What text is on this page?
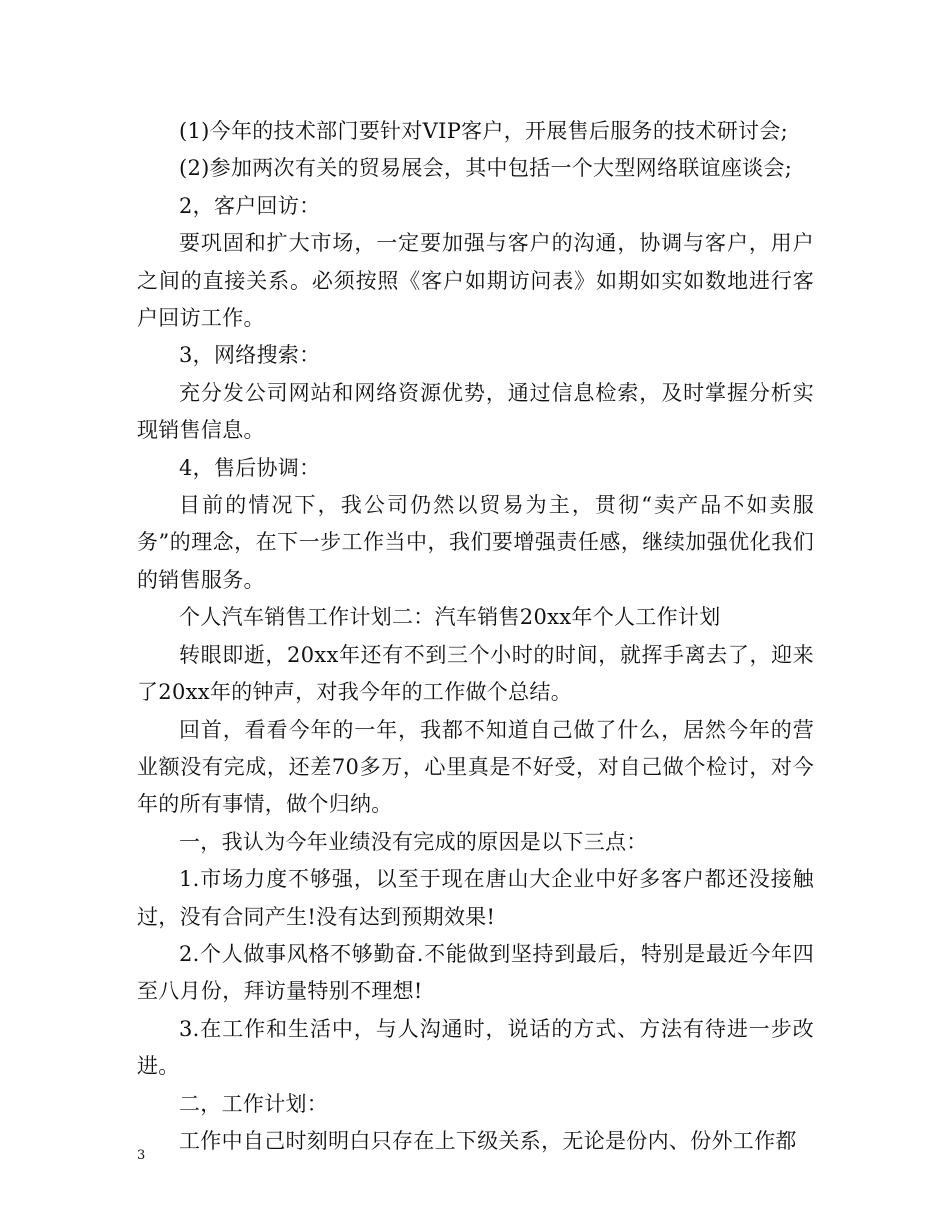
(1)今年的技术部门要针对VIP客户，开展售后服务的技术研讨会;

(2)参加两次有关的贸易展会，其中包括一个大型网络联谊座谈会;

2，客户回访：

要巩固和扩大市场，一定要加强与客户的沟通，协调与客户，用户之间的直接关系。必须按照《客户如期访问表》如期如实如数地进行客户回访工作。

3，网络搜索：

充分发公司网站和网络资源优势，通过信息检索，及时掌握分析实现销售信息。

4，售后协调：

目前的情况下，我公司仍然以贸易为主，贯彻“卖产品不如卖服务”的理念，在下一步工作当中，我们要增强责任感，继续加强优化我们的销售服务。

个人汽车销售工作计划二：汽车销售20xx年个人工作计划

转眼即逝，20xx年还有不到三个小时的时间，就挥手离去了，迎来了20xx年的钟声，对我今年的工作做个总结。

回首，看看今年的一年，我都不知道自己做了什么，居然今年的营业额没有完成，还差70多万，心里真是不好受，对自己做个检讨，对今年的所有事情，做个归纳。

一，我认为今年业绩没有完成的原因是以下三点：

1.市场力度不够强，以至于现在唐山大企业中好多客户都还没接触过，没有合同产生!没有达到预期效果!

2.个人做事风格不够勤奋.不能做到坚持到最后，特别是最近今年四至八月份，拜访量特别不理想!

3.在工作和生活中，与人沟通时，说话的方式、方法有待进一步改进。

二，工作计划：

工作中自己时刻明白只存在上下级关系，无论是份内、份外工作都

3
